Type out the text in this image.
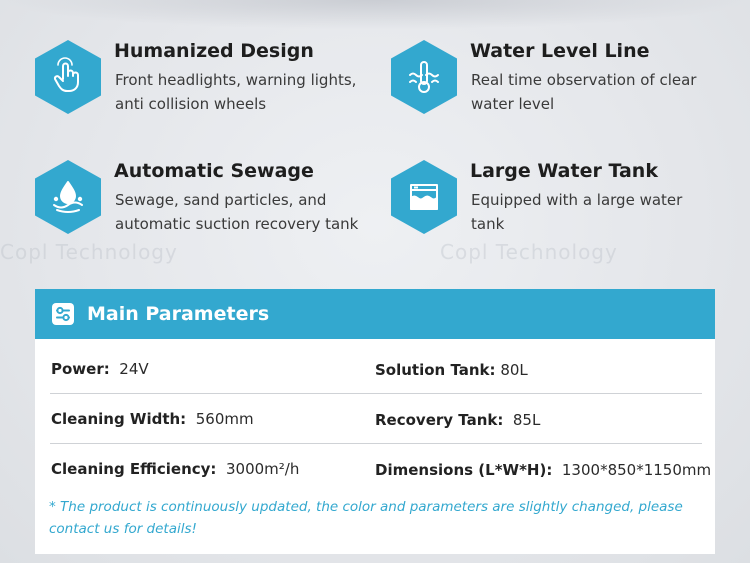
Copl Technology	Copl Technology
Humanized Design
Front headlights, warning lights,
anti collision wheels
Water Level Line
Real time observation of clear
water level
Automatic Sewage
Sewage, sand particles, and
automatic suction recovery tank
Large Water Tank
Equipped with a large water
tank
Main Parameters
Power: 24V	Solution Tank: 80L
Cleaning Width: 560mm	Recovery Tank: 85L
Cleaning Efficiency: 3000m²/h	Dimensions (L*W*H): 1300*850*1150mm
* The product is continuously updated, the color and parameters are slightly changed, please contact us for details!
